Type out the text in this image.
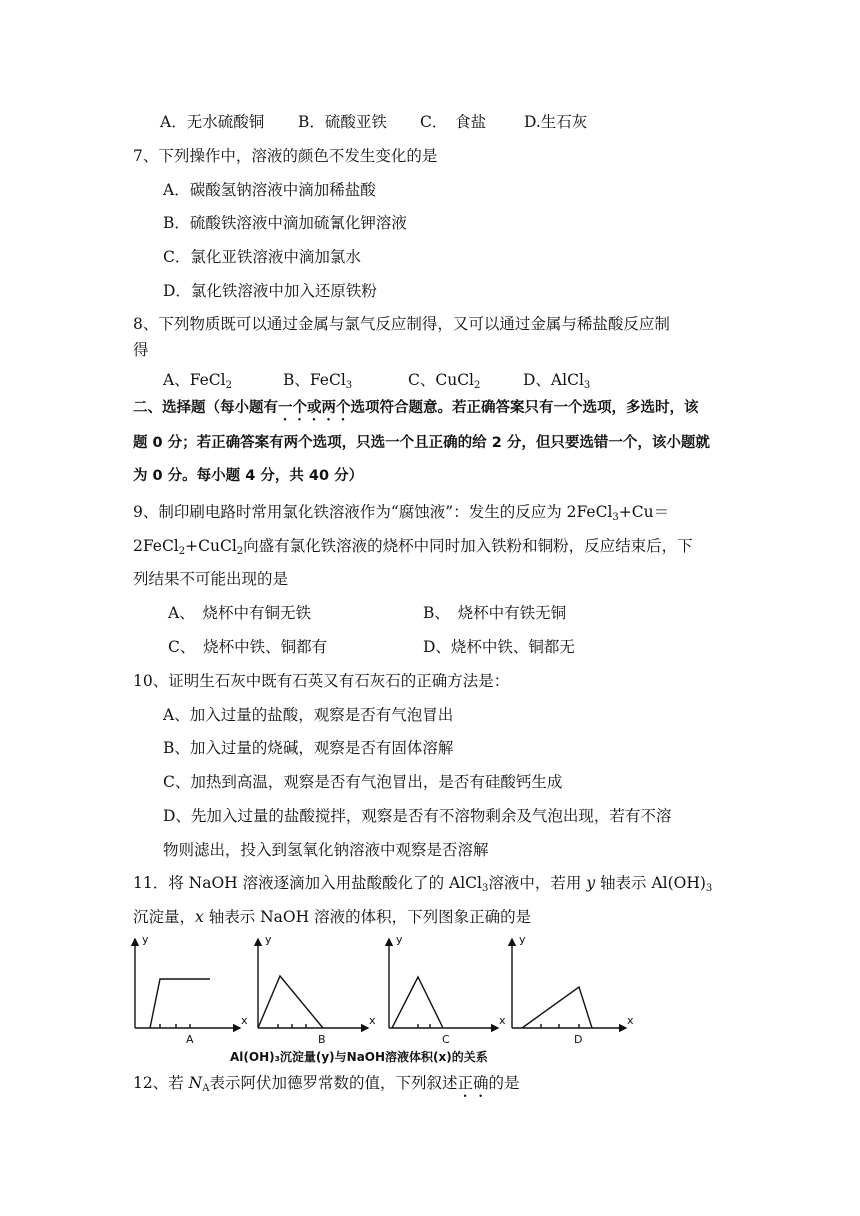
A．无水硫酸铜 B．硫酸亚铁 C．　食盐 D.生石灰
7、下列操作中，溶液的颜色不发生变化的是
A．碳酸氢钠溶液中滴加稀盐酸
B．硫酸铁溶液中滴加硫氰化钾溶液
C．氯化亚铁溶液中滴加氯水
D．氯化铁溶液中加入还原铁粉
8、下列物质既可以通过金属与氯气反应制得，又可以通过金属与稀盐酸反应制
得
A、FeCl$_2$	B、FeCl$_3$	C、CuCl$_2$	D、AlCl$_3$
二、选择题（每小题有一个或两个选项符合题意。若正确答案只有一个选项，多选时，该
题 0 分；若正确答案有两个选项，只选一个且正确的给 2 分，但只要选错一个，该小题就
为 0 分。每小题 4 分，共 40 分）
9、制印刷电路时常用氯化铁溶液作为“腐蚀液”：发生的反应为 2FeCl$_3$+Cu＝
2FeCl$_2$+CuCl$_2$向盛有氯化铁溶液的烧杯中同时加入铁粉和铜粉，反应结束后，下
列结果不可能出现的是
A、　烧杯中有铜无铁	B、　烧杯中有铁无铜
C、　烧杯中铁、铜都有	D、烧杯中铁、铜都无
10、证明生石灰中既有石英又有石灰石的正确方法是：
A、加入过量的盐酸，观察是否有气泡冒出
B、加入过量的烧碱，观察是否有固体溶解
C、加热到高温，观察是否有气泡冒出，是否有硅酸钙生成
D、先加入过量的盐酸搅拌，观察是否有不溶物剩余及气泡出现，若有不溶
物则滤出，投入到氢氧化钠溶液中观察是否溶解
11．将 NaOH 溶液逐滴加入用盐酸酸化了的 AlCl$_3$溶液中，若用 y 轴表示 $Al(OH)_3$
沉淀量，x 轴表示 NaOH 溶液的体积，下列图象正确的是
y
x
A
y
x
B
y
x
C
y
x
D
Al(OH)₃沉淀量(y)与NaOH溶液体积(x)的关系
12、若 $N_A$表示阿伏加德罗常数的值，下列叙述正确的是
